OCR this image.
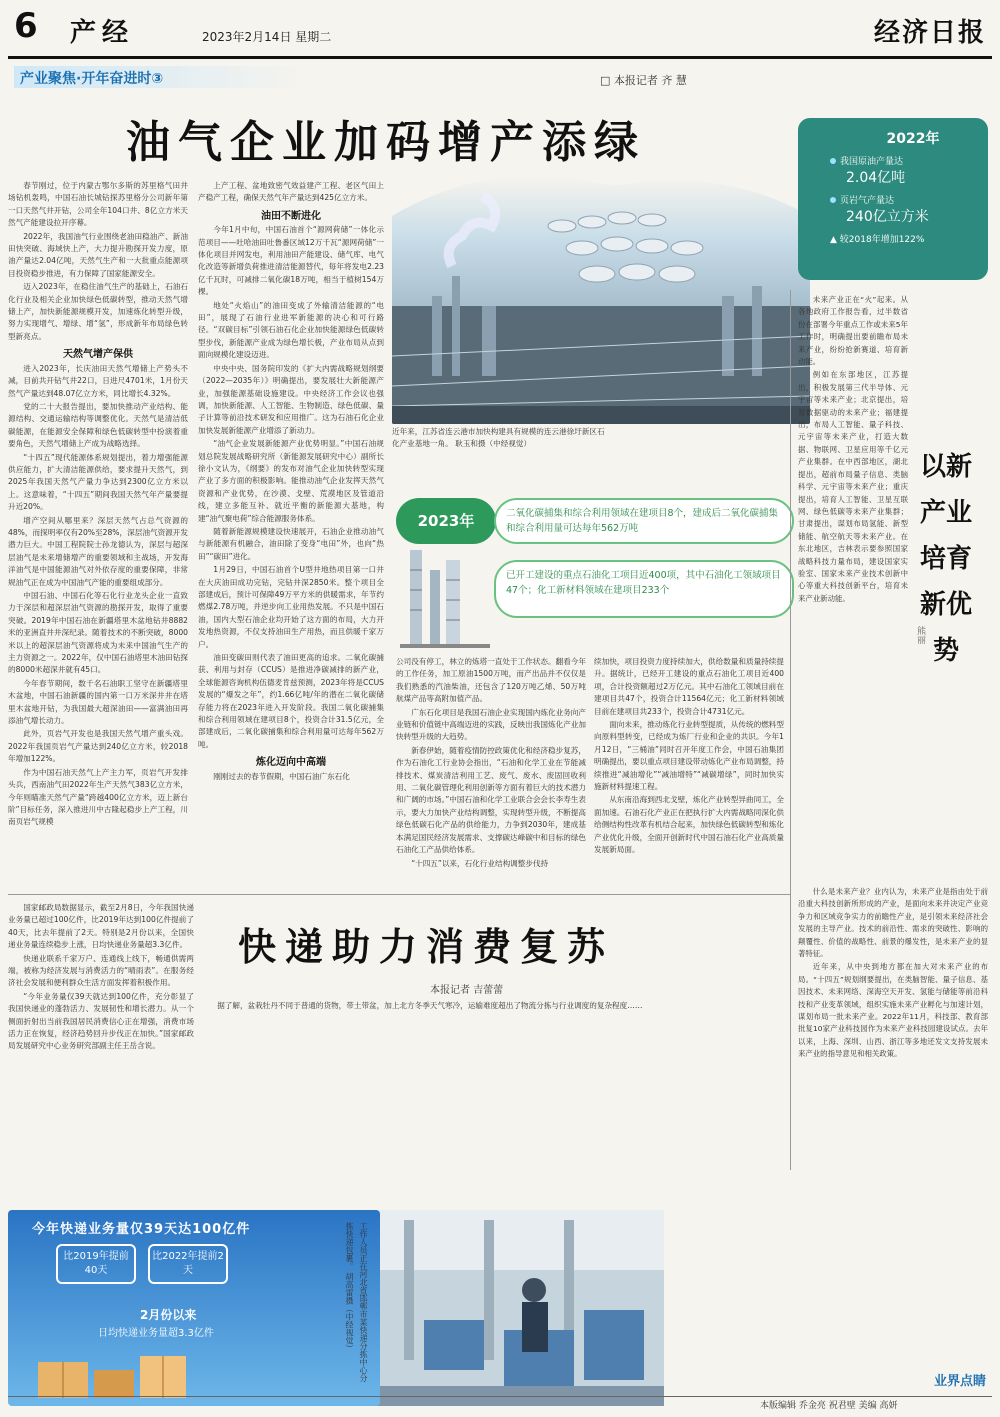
6 产经	2023年2月14日 星期二	经济日报
产业聚焦·开年奋进时③	□ 本报记者 齐 慧
油气企业加码增产添绿

春节刚过，位于内蒙古鄂尔多斯的苏里格气田井场钻机轰鸣，中国石油长城钻探苏里格分公司新年第一口天然气井开钻，公司全年104口井、8亿立方米天然气产能建设拉开序幕。

2022年，我国油气行业围绕老油田稳油产、新油田快突破、海域快上产，大力提升勘探开发力度，原油产量达2.04亿吨，天然气生产和一大批重点能源项目投资稳步推进，有力保障了国家能源安全。

迈入2023年，在稳住油气生产的基础上，石油石化行业及相关企业加快绿色低碳转型，推动天然气增储上产，加快新能源规模开发，加速炼化转型升级，努力实现增气、增绿、增“氢”，形成新年布局绿色转型新亮点。

天然气增产保供

进入2023年，长庆油田天然气增储上产势头不减，目前共开钻气井22口，日进尺4701米，1月份天然气产量达到48.07亿立方米，同比增长4.32%。

党的二十大报告提出，要加快推动产业结构、能源结构、交通运输结构等调整优化。天然气是清洁低碳能源，在能源安全保障和绿色低碳转型中扮演着重要角色，天然气增储上产成为战略选择。

“十四五”现代能源体系规划提出，着力增强能源供应能力，扩大清洁能源供给，要求提升天然气，到2025年我国天然气产量力争达到2300亿立方米以上。这意味着，“十四五”期间我国天然气年产量要提升近20%。

增产空间从哪里来？深层天然气占总气资源的48%，而探明率仅有20%至28%，深层油气资源开发潜力巨大。中国工程院院士孙龙德认为，深层与超深层油气是未来增储增产的重要领域和主战场，开发海洋油气是中国能源油气对外依存度的重要保障，非常规油气正在成为中国油气产能的重要组成部分。

中国石油、中国石化等石化行业龙头企业一直致力于深层和超深层油气资源的勘探开发，取得了重要突破。2019年中国石油在新疆塔里木盆地钻井8882米的亚洲直井井深纪录。随着技术的不断突破，8000米以上的超深层油气资源将成为未来中国油气生产的主力资源之一。2022年，仅中国石油塔里木油田钻探的8000米超深井就有45口。

今年春节期间，数千名石油职工坚守在新疆塔里木盆地，中国石油新疆的国内第一口万米深井井在塔里木盆地开钻，为我国最大超深油田——富满油田再添油气增长动力。

此外，页岩气开发也是我国天然气增产重头戏。2022年我国页岩气产量达到240亿立方米，较2018年增加122%。

作为中国石油天然气上产主力军，页岩气开发排头兵，西南油气田2022年生产天然气383亿立方米，今年则瞄准天然气产量“跨越400亿立方米，迈上新台阶”目标任务，深入推进川中古隆起稳步上产工程，川南页岩气规模

上产工程、盆地致密气效益建产工程、老区气田上产稳产工程，确保天然气年产量达到425亿立方米。

油田不断进化

今年1月中旬，中国石油首个“源网荷储”一体化示范项目——吐哈油田吐鲁番区域12万千瓦“源网荷储”一体化项目并网发电，利用油田产能建设、储气库、电气化改造等新增负荷推进清洁能源替代，每年将发电2.23亿千瓦时，可减排二氧化碳18万吨，相当于植树154万棵。

地处“火焰山”的油田变成了外输清洁能源的“电田”，展现了石油行业进军新能源的决心和可行路径。“双碳目标”引领石油石化企业加快能源绿色低碳转型步伐，新能源产业成为绿色增长极，产业布局从点到面向规模化建设迈进。

中央中央、国务院印发的《扩大内需战略规划纲要（2022—2035年）》明确提出，要发展壮大新能源产业，加强能源基础设施建设。中央经济工作会议也强调，加快新能源、人工智能、生物制造、绿色低碳、量子计算等前沿技术研发和应用推广。这为石油石化企业加快发展新能源产业增添了新动力。

“油气企业发展新能源产业优势明显。”中国石油规划总院发展战略研究所（新能源发展研究中心）副所长徐小文认为，《纲要》的发布对油气企业加快转型实现产业了多方面的积极影响。能推动油气企业发挥天然气资源和产业优势，在沙漠、戈壁、荒漠地区及管道沿线，建立多能互补、就近平衡的新能源大基地，构建“油气聚电荷”综合能源服务体系。

随着新能源规模建设快速展开，石油企业推动油气与新能源有机融合，油田除了变身“电田”外，也向“热田”“碳田”进化。

1月29日，中国石油首个U型井地热项目第一口井在大庆油田成功完钻，完钻井深2850米。整个项目全部建成后，预计可保障49万平方米的供暖需求，年节约燃煤2.78万吨，并逆步向工业用热发展。不只是中国石油，国内大型石油企业均开始了这方面的布局，大力开发地热资源，不仅支持油田生产用热，而且供暖千家万户。

油田变碳田则代表了油田更高的追求。二氧化碳捕获、利用与封存（CCUS）是推进净碳减排的新产业，全球能源咨询机构伍德麦肯兹预测，2023年将是CCUS发展的“爆发之年”，约1.66亿吨/年的潜在二氧化碳储存能力将在2023年进入开发阶段。我国二氧化碳捕集和综合利用领域在建项目8个，投资合计31.5亿元，全部建成后，二氧化碳捕集和综合利用量可达每年562万吨。

炼化迈向中高端

刚刚过去的春节假期，中国石油广东石化

近年来，江苏省连云港市加快构建具有规模的连云港徐圩新区石化产业基地一角。 耿玉和摄（中经视觉）
2022年
我国原油产量达
2.04亿吨
页岩气产量达
240亿立方米
▲ 较2018年增加122%
2023年	二氧化碳捕集和综合利用领域在建项目8个，建成后二氧化碳捕集和综合利用量可达每年562万吨
已开工建设的重点石油化工项目近400项，其中石油化工领域项目47个；化工新材料领域在建项目233个

公司没有停工，林立的炼塔一直处于工作状态。翻看今年的工作任务，加工原油1500万吨，而产出品并不仅仅是我们熟悉的汽油柴油，还包含了120万吨乙烯、50万吨航煤产品等高附加值产品。

广东石化项目是我国石油企业实现国内炼化业务向产业链和价值链中高端迈进的实践，反映出我国炼化产业加快转型升级的大趋势。

新春伊始，随着疫情防控政策优化和经济稳步复苏，作为石油化工行业协会指出，“石油和化学工业在节能减排技术、煤炭清洁利用工艺、废气、废水、废固回收利用、二氧化碳管理化利用创新等方面有着巨大的技术潜力和广阔的市场。”中国石油和化学工业联合会会长李寿生表示，要大力加快产业结构调整，实现转型升级，不断提高绿色低碳石化产品的供给能力，力争到2030年，建成基本满足国民经济发展需求、支撑碳达峰碳中和目标的绿色石油化工产品供给体系。

“十四五”以来，石化行业结构调整步伐持

续加快，项目投资力度持续加大，供给数量和质量持续提升。据统计，已经开工建设的重点石油化工项目近400项，合计投资额超过2万亿元。其中石油化工领域目前在建项目共47个，投资合计11564亿元；化工新材料领域目前在建项目共233个，投资合计4731亿元。

面向未来，推动炼化行业转型提质，从传统的燃料型向原料型转变，已经成为炼厂行业和企业的共识。今年1月12日，“三桶油”同时召开年度工作会，中国石油集团明确提出，要以重点项目建设带动炼化产业布局调整，持续推进“减油增化”“减油增特”“减碳增绿”，同时加快实施新材料提速工程。

从东南沿海到西北戈壁，炼化产业转型异曲同工，全面加速。石油石化产业正在把执行扩大内需战略同深化供给侧结构性改革有机结合起来，加快绿色低碳转型和炼化产业优化升级，全面开创新时代中国石油石化产业高质量发展新局面。

未来产业正在“火”起来。从各地政府工作报告看，过半数省份在部署今年重点工作或未来5年工作时，明确提出要前瞻布局未来产业，纷纷抢新赛道、培育新动能。

例如在东部地区，江苏提出，积极发展第三代半导体、元宇宙等未来产业；北京提出，培育数据驱动的未来产业；福建提出，布局人工智能、量子科技、元宇宙等未来产业，打造大数据、物联网、卫星应用等千亿元产业集群。在中西部地区，湖北提出，超前布局量子信息、类脑科学、元宇宙等未来产业；重庆提出，培育人工智能、卫星互联网、绿色低碳等未来产业集群；甘肃提出，谋划布局氢能、新型储能、航空航天等未来产业。在东北地区，吉林表示要参照国家战略科技力量布局，建设国家实验室、国家未来产业技术创新中心等重大科技创新平台，培育未来产业新动能。

以新产业培育新优势
熊丽

什么是未来产业？业内认为，未来产业是指由处于前沿重大科技创新所形成的产业，是面向未来并决定产业竞争力和区域竞争实力的前瞻性产业，是引领未来经济社会发展的主导产业。技术的前沿性、需求的突破性、影响的颠覆性、价值的战略性、前景的爆发性，是未来产业的显著特征。

近年来，从中央到地方都在加大对未来产业的布局。“十四五”规划纲要提出，在类脑智能、量子信息、基因技术、未来网络、深海空天开发、氢能与储能等前沿科技和产业变革领域，组织实施未来产业孵化与加速计划，谋划布局一批未来产业。2022年11月，科技部、教育部批复10家产业科技园作为未来产业科技园建设试点。去年以来，上海、深圳、山西、浙江等多地还发文支持发展未来产业的指导意见和相关政策。

业界点睛
快递助力消费复苏
本报记者 吉蕾蕾

国家邮政局数据显示，截至2月8日，今年我国快递业务量已超过100亿件，比2019年达到100亿件提前了40天，比去年提前了2天。特别是2月份以来，全国快递业务量连续稳步上涨，日均快递业务量超3.3亿件。

快递业联系千家万户、连通线上线下，畅通供需两端，被称为经济发展与消费活力的“晴雨表”。在服务经济社会发展和便利群众生活方面发挥着积极作用。

“今年业务量仅39天就达到100亿件，充分彰显了我国快递业的蓬勃活力、发展韧性和增长潜力。从一个侧面折射出当前我国居民消费信心正在增强，消费市场活力正在恢复，经济趋势回升步伐正在加快。”国家邮政局发展研究中心业务研究部副主任王岳含说。

据了解，盆栽牡丹不同于普通的货物，带土带盆，加上北方冬季天气寒冷，运输难度超出了物流分拣与行业调度的复杂程度……

今年快递业务量仅39天达100亿件
比2019年提前40天
比2022年提前2天
2月份以来
日均快递业务量超3.3亿件	工作人员正在河北省邯郸市某快递分拣中心分拣快递包裹。 胡高雷摄（中经视觉）
本版编辑 乔金亮 祝君壁 美编 高妍
